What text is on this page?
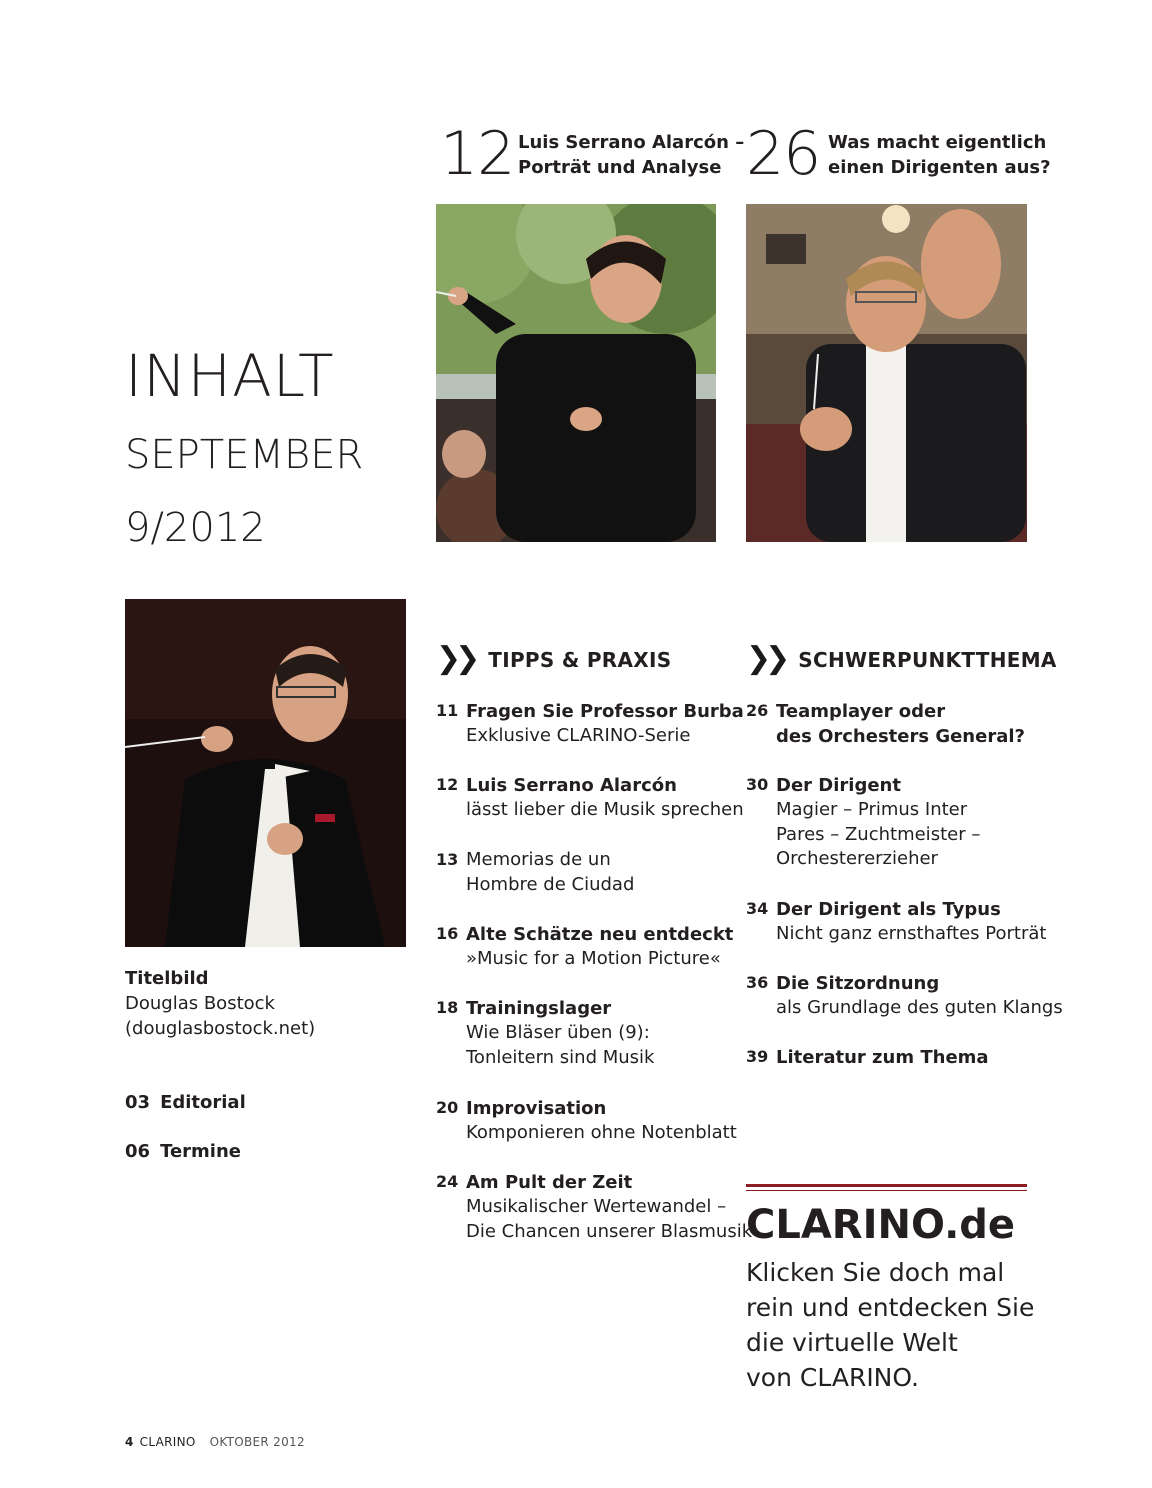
12 Luis Serrano Alarcón –
Porträt und Analyse 26 Was macht eigentlich
einen Dirigenten aus?
INHALT
SEPTEMBER
9/2012
Titelbild
Douglas Bostock
(douglasbostock.net)
03 Editorial
06 Termine
❯❯ TIPPS & PRAXIS
11 Fragen Sie Professor Burba
Exklusive CLARINO-Serie
12 Luis Serrano Alarcón
lässt lieber die Musik sprechen
13 Memorias de un
Hombre de Ciudad
16 Alte Schätze neu entdeckt
»Music for a Motion Picture«
18 Trainingslager
Wie Bläser üben (9):
Tonleitern sind Musik
20 Improvisation
Komponieren ohne Notenblatt
24 Am Pult der Zeit
Musikalischer Wertewandel –
Die Chancen unserer Blasmusik
❯❯ SCHWERPUNKTTHEMA
26 Teamplayer oder
des Orchesters General?
30 Der Dirigent
Magier – Primus Inter
Pares – Zuchtmeister –
Orchestererzieher
34 Der Dirigent als Typus
Nicht ganz ernsthaftes Porträt
36 Die Sitzordnung
als Grundlage des guten Klangs
39 Literatur zum Thema
CLARINO.de
Klicken Sie doch mal
rein und entdecken Sie
die virtuelle Welt
von CLARINO.
4 CLARINO OKTOBER 2012
